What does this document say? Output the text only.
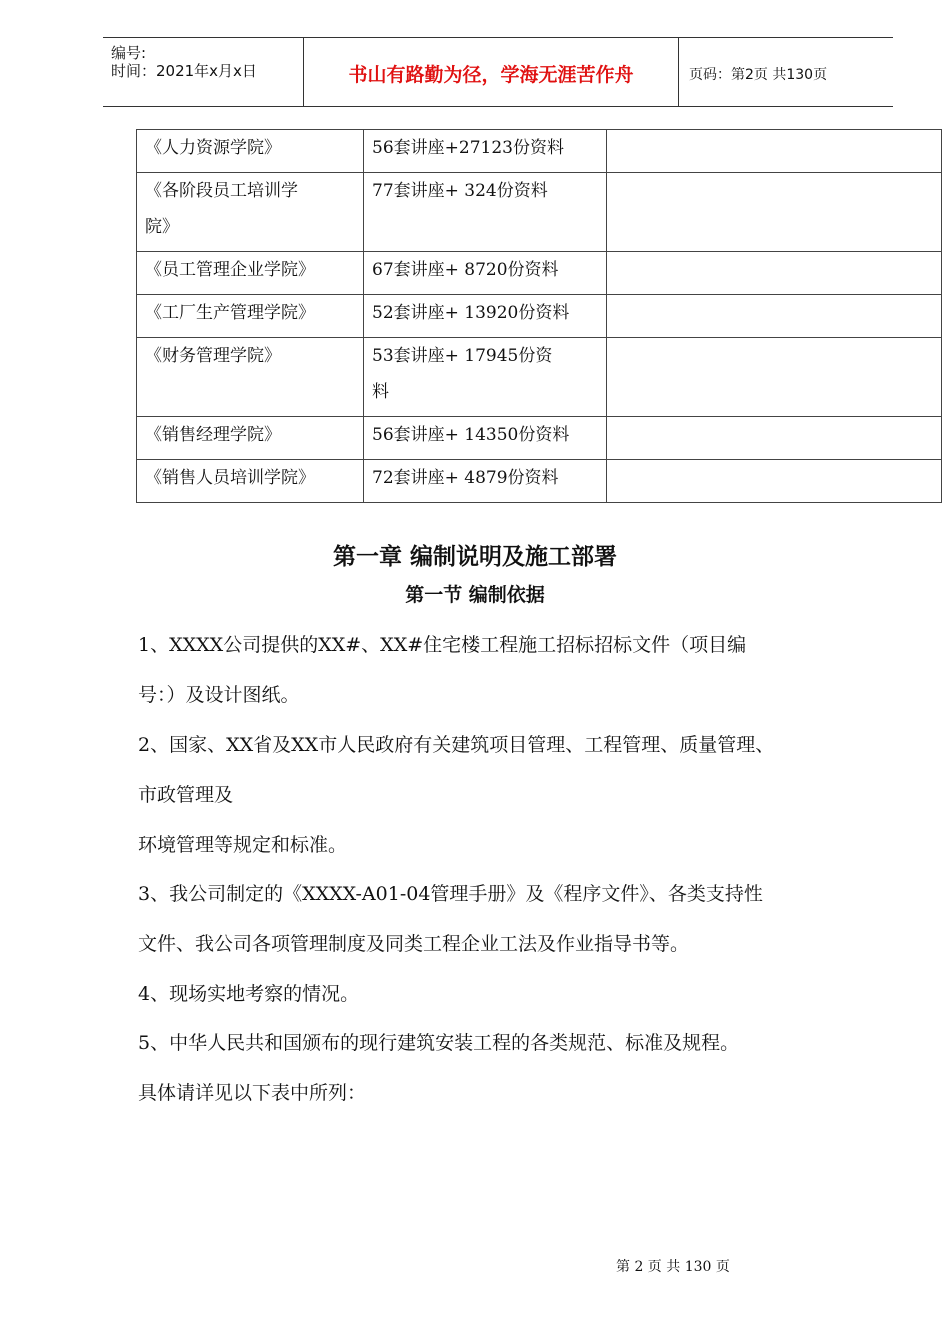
编号:
时间：2021年x月x日	书山有路勤为径，学海无涯苦作舟	页码：第2页 共130页
《人力资源学院》	56套讲座+27123份资料	

《各阶段员工培训学
院》	77套讲座+ 324份资料	

《员工管理企业学院》	67套讲座+ 8720份资料	

《工厂生产管理学院》	52套讲座+ 13920份资料	

《财务管理学院》	53套讲座+ 17945份资
料	

《销售经理学院》	56套讲座+ 14350份资料	

《销售人员培训学院》	72套讲座+ 4879份资料	

第一章 编制说明及施工部署
第一节 编制依据
1、XXXX公司提供的XX#、XX#住宅楼工程施工招标招标文件（项目编
号：）及设计图纸。
2、国家、XX省及XX市人民政府有关建筑项目管理、工程管理、质量管理、
市政管理及
环境管理等规定和标准。
3、我公司制定的《XXXX-A01-04管理手册》及《程序文件》、各类支持性
文件、我公司各项管理制度及同类工程企业工法及作业指导书等。
4、现场实地考察的情况。
5、中华人民共和国颁布的现行建筑安装工程的各类规范、标准及规程。
具体请详见以下表中所列：
第 2 页 共 130 页
